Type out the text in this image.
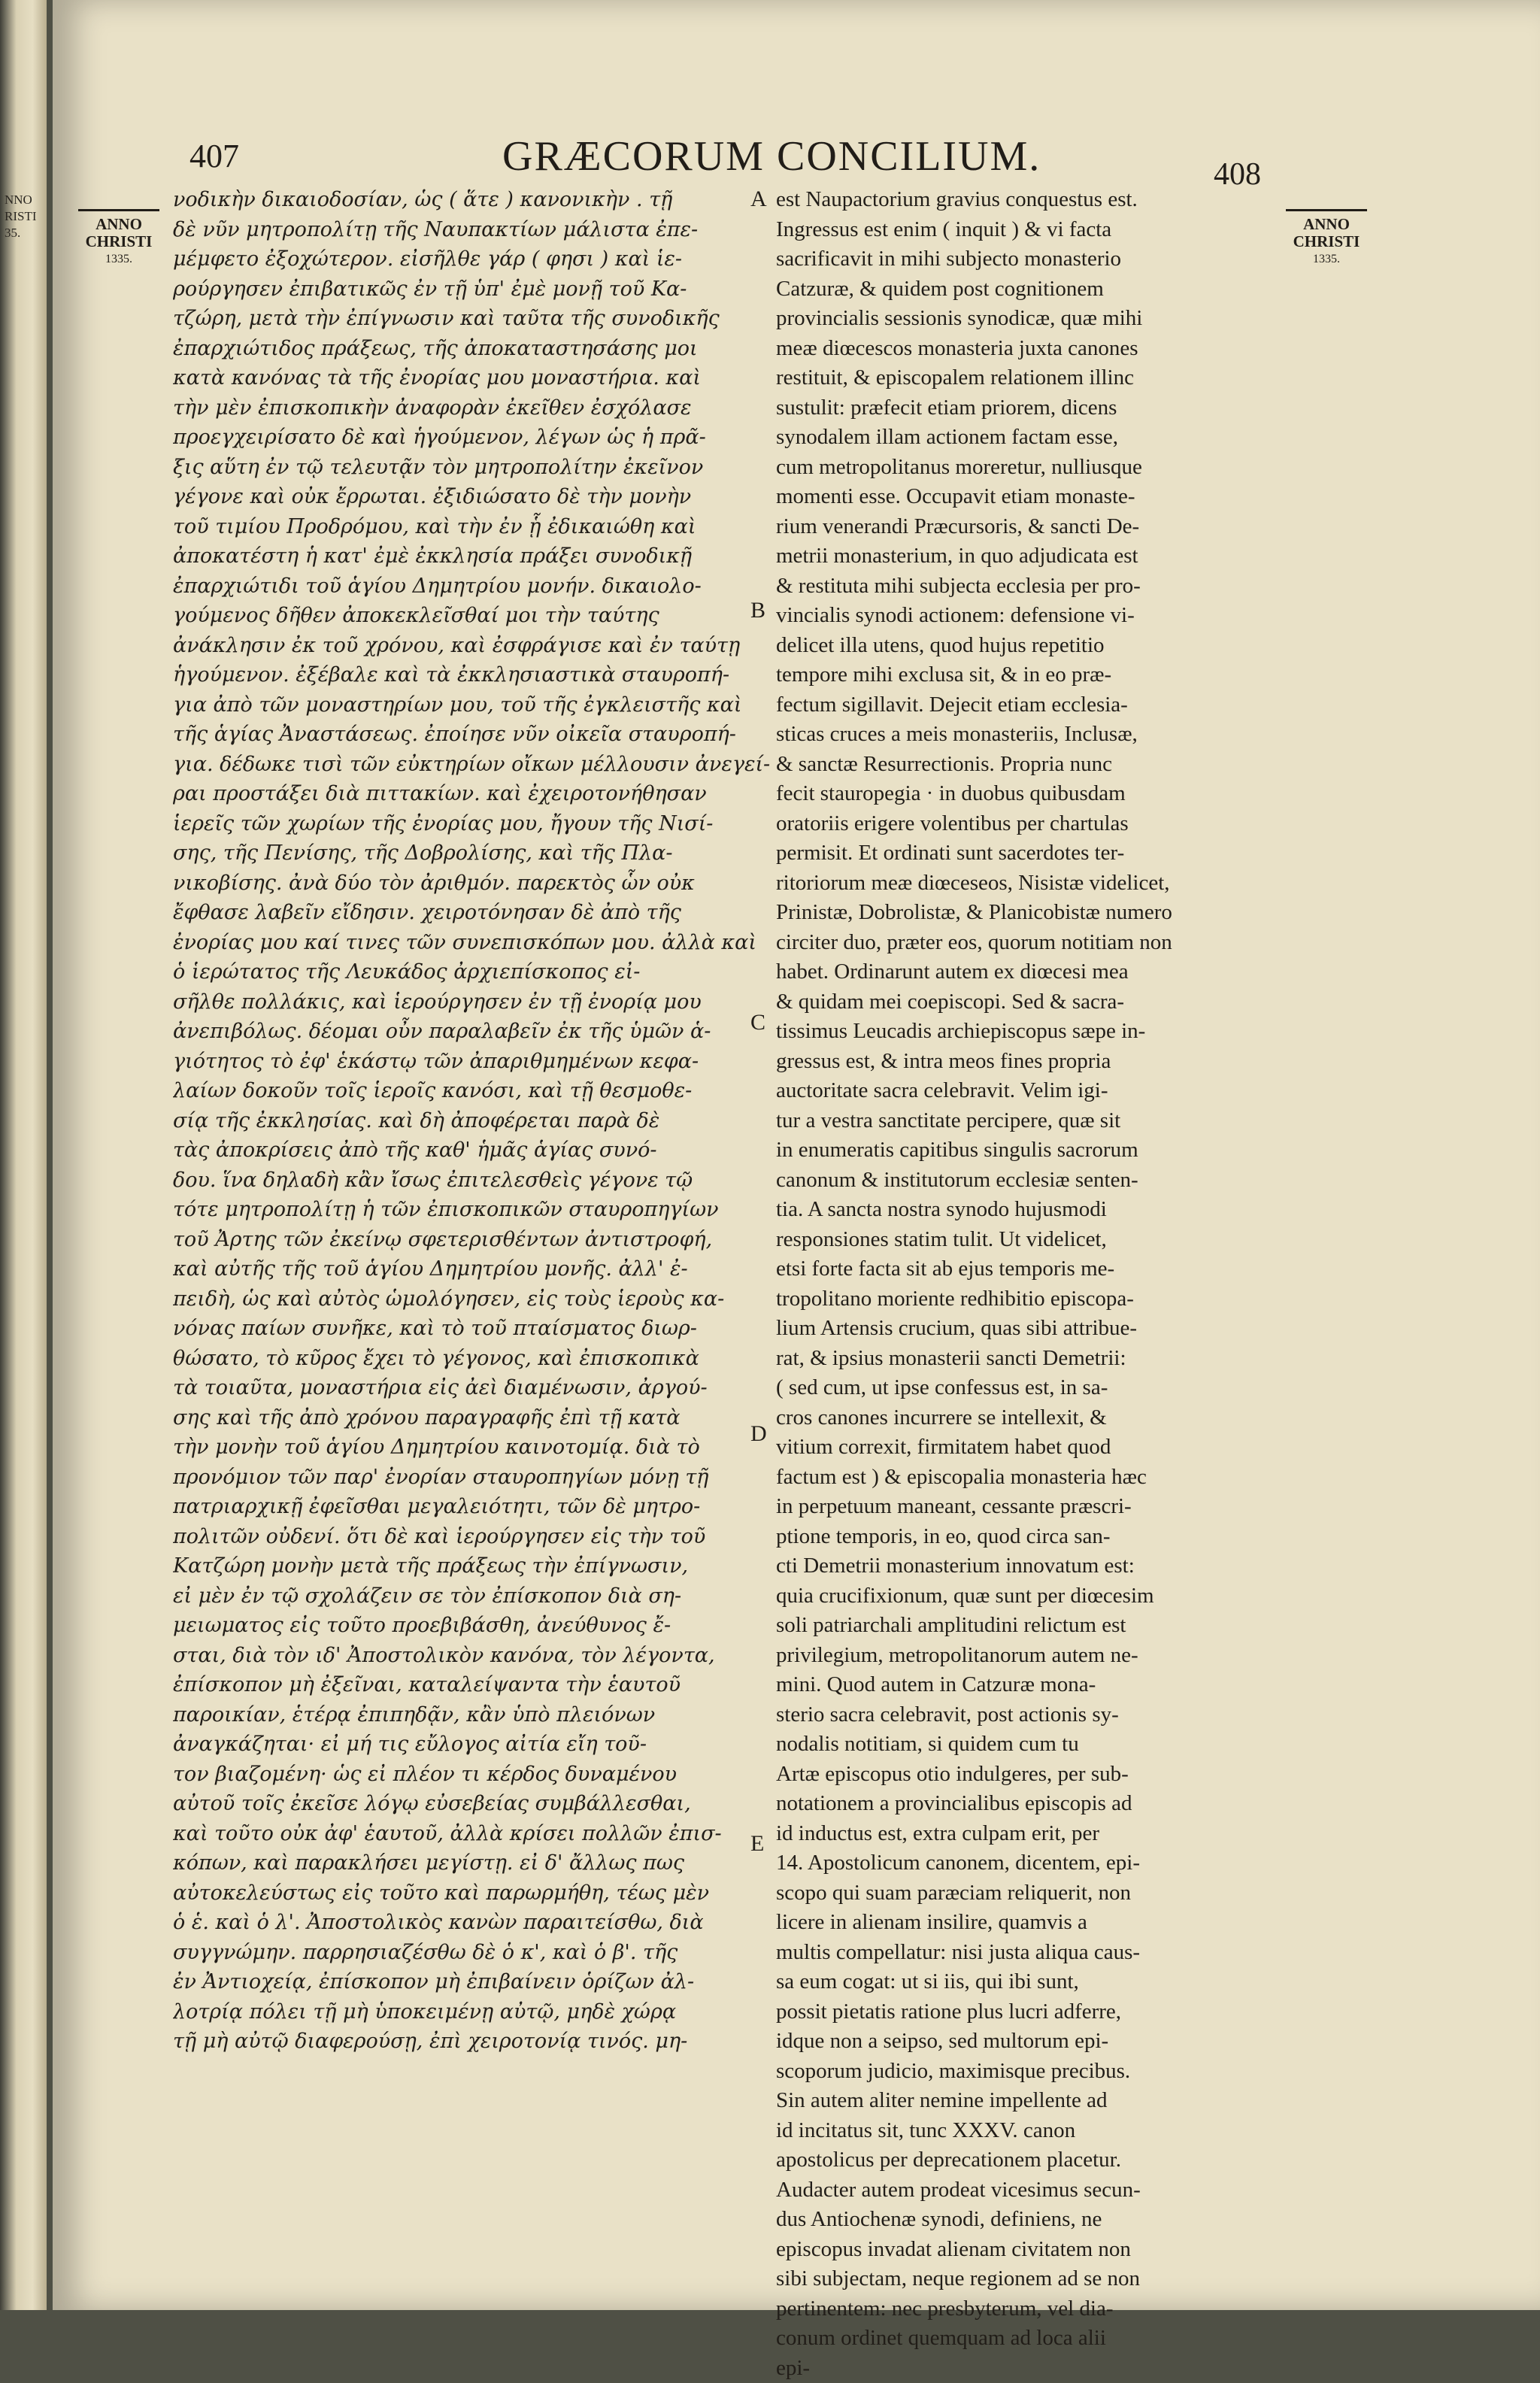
NNO
RISTI
35.
407	GRÆCORUM CONCILIUM.	408
ANNO
CHRISTI
1335.
ANNO
CHRISTI
1335.
νοδικὴν δικαιοδοσίαν, ὡς ( ἅτε ) κανονικὴν . τῇ
δὲ νῦν μητροπολίτῃ τῆς Ναυπακτίων μάλιστα ἐπε-
μέμφετο ἐξοχώτερον. εἰσῆλθε γάρ ( φησι ) καὶ ἱε-
ρούργησεν ἐπιβατικῶς ἐν τῇ ὑπ' ἐμὲ μονῇ τοῦ Κα-
τζώρη, μετὰ τὴν ἐπίγνωσιν καὶ ταῦτα τῆς συνοδικῆς
ἐπαρχιώτιδος πράξεως, τῆς ἀποκαταστησάσης μοι
κατὰ κανόνας τὰ τῆς ἐνορίας μου μοναστήρια. καὶ
τὴν μὲν ἐπισκοπικὴν ἀναφορὰν ἐκεῖθεν ἐσχόλασε
προεγχειρίσατο δὲ καὶ ἡγούμενον, λέγων ὡς ἡ πρᾶ-
ξις αὕτη ἐν τῷ τελευτᾷν τὸν μητροπολίτην ἐκεῖνον
γέγονε καὶ οὐκ ἔρρωται. ἐξιδιώσατο δὲ τὴν μονὴν
τοῦ τιμίου Προδρόμου, καὶ τὴν ἐν ᾗ ἐδικαιώθη καὶ
ἀποκατέστη ἡ κατ' ἐμὲ ἐκκλησία πράξει συνοδικῇ
ἐπαρχιώτιδι τοῦ ἁγίου Δημητρίου μονήν. δικαιολο-
γούμενος δῆθεν ἀποκεκλεῖσθαί μοι τὴν ταύτης
ἀνάκλησιν ἐκ τοῦ χρόνου, καὶ ἐσφράγισε καὶ ἐν ταύτῃ
ἡγούμενον. ἐξέβαλε καὶ τὰ ἐκκλησιαστικὰ σταυροπή-
για ἀπὸ τῶν μοναστηρίων μου, τοῦ τῆς ἐγκλειστῆς καὶ
τῆς ἁγίας Ἀναστάσεως. ἐποίησε νῦν οἰκεῖα σταυροπή-
για. δέδωκε τισὶ τῶν εὐκτηρίων οἴκων μέλλουσιν ἀνεγεί-
ραι προστάξει διὰ πιττακίων. καὶ ἐχειροτονήθησαν
ἱερεῖς τῶν χωρίων τῆς ἐνορίας μου, ἤγουν τῆς Νισί-
σης, τῆς Πενίσης, τῆς Δοβρολίσης, καὶ τῆς Πλα-
νικοβίσης. ἀνὰ δύο τὸν ἀριθμόν. παρεκτὸς ὧν οὐκ
ἔφθασε λαβεῖν εἴδησιν. χειροτόνησαν δὲ ἀπὸ τῆς
ἐνορίας μου καί τινες τῶν συνεπισκόπων μου. ἀλλὰ καὶ
ὁ ἱερώτατος τῆς Λευκάδος ἀρχιεπίσκοπος εἰ-
σῆλθε πολλάκις, καὶ ἱερούργησεν ἐν τῇ ἐνορίᾳ μου
ἀνεπιβόλως. δέομαι οὖν παραλαβεῖν ἐκ τῆς ὑμῶν ἁ-
γιότητος τὸ ἐφ' ἑκάστῳ τῶν ἀπαριθμημένων κεφα-
λαίων δοκοῦν τοῖς ἱεροῖς κανόσι, καὶ τῇ θεσμοθε-
σίᾳ τῆς ἐκκλησίας. καὶ δὴ ἀποφέρεται παρὰ δὲ
τὰς ἀποκρίσεις ἀπὸ τῆς καθ' ἡμᾶς ἁγίας συνό-
δου. ἵνα δηλαδὴ κἂν ἴσως ἐπιτελεσθεὶς γέγονε τῷ
τότε μητροπολίτῃ ἡ τῶν ἐπισκοπικῶν σταυροπηγίων
τοῦ Ἀρτης τῶν ἐκείνῳ σφετερισθέντων ἀντιστροφή,
καὶ αὐτῆς τῆς τοῦ ἁγίου Δημητρίου μονῆς. ἀλλ' ἐ-
πειδὴ, ὡς καὶ αὐτὸς ὡμολόγησεν, εἰς τοὺς ἱεροὺς κα-
νόνας παίων συνῆκε, καὶ τὸ τοῦ πταίσματος διωρ-
θώσατο, τὸ κῦρος ἔχει τὸ γέγονος, καὶ ἐπισκοπικὰ
τὰ τοιαῦτα, μοναστήρια εἰς ἀεὶ διαμένωσιν, ἀργού-
σης καὶ τῆς ἀπὸ χρόνου παραγραφῆς ἐπὶ τῇ κατὰ
τὴν μονὴν τοῦ ἁγίου Δημητρίου καινοτομίᾳ. διὰ τὸ
προνόμιον τῶν παρ' ἐνορίαν σταυροπηγίων μόνῃ τῇ
πατριαρχικῇ ἐφεῖσθαι μεγαλειότητι, τῶν δὲ μητρο-
πολιτῶν οὐδενί. ὅτι δὲ καὶ ἱερούργησεν εἰς τὴν τοῦ
Κατζώρη μονὴν μετὰ τῆς πράξεως τὴν ἐπίγνωσιν,
εἰ μὲν ἐν τῷ σχολάζειν σε τὸν ἐπίσκοπον διὰ ση-
μειωματος εἰς τοῦτο προεβιβάσθη, ἀνεύθυνος ἔ-
σται, διὰ τὸν ιδ' Ἀποστολικὸν κανόνα, τὸν λέγοντα,
ἐπίσκοπον μὴ ἐξεῖναι, καταλείψαντα τὴν ἑαυτοῦ
παροικίαν, ἑτέρᾳ ἐπιπηδᾷν, κἂν ὑπὸ πλειόνων
ἀναγκάζηται· εἰ μή τις εὔλογος αἰτία εἴη τοῦ-
τον βιαζομένη· ὡς εἰ πλέον τι κέρδος δυναμένου
αὐτοῦ τοῖς ἐκεῖσε λόγῳ εὐσεβείας συμβάλλεσθαι,
καὶ τοῦτο οὐκ ἀφ' ἑαυτοῦ, ἀλλὰ κρίσει πολλῶν ἐπισ-
κόπων, καὶ παρακλήσει μεγίστῃ. εἰ δ' ἄλλως πως
αὐτοκελεύστως εἰς τοῦτο καὶ παρωρμήθη, τέως μὲν
ὁ ἑ. καὶ ὁ λ'. Ἀποστολικὸς κανὼν παραιτείσθω, διὰ
συγγνώμην. παρρησιαζέσθω δὲ ὁ κ', καὶ ὁ β'. τῆς
ἐν Ἀντιοχείᾳ, ἐπίσκοπον μὴ ἐπιβαίνειν ὁρίζων ἀλ-
λοτρίᾳ πόλει τῇ μὴ ὑποκειμένῃ αὐτῷ, μηδὲ χώρᾳ
τῇ μὴ αὐτῷ διαφερούσῃ, ἐπὶ χειροτονίᾳ τινός. μη-
est Naupactorium gravius conquestus est.
Ingressus est enim ( inquit ) & vi facta
sacrificavit in mihi subjecto monasterio
Catzuræ, & quidem post cognitionem
provincialis sessionis synodicæ, quæ mihi
meæ diœcescos monasteria juxta canones
restituit, & episcopalem relationem illinc
sustulit: præfecit etiam priorem, dicens
synodalem illam actionem factam esse,
cum metropolitanus moreretur, nulliusque
momenti esse. Occupavit etiam monaste-
rium venerandi Præcursoris, & sancti De-
metrii monasterium, in quo adjudicata est
& restituta mihi subjecta ecclesia per pro-
vincialis synodi actionem: defensione vi-
delicet illa utens, quod hujus repetitio
tempore mihi exclusa sit, & in eo præ-
fectum sigillavit. Dejecit etiam ecclesia-
sticas cruces a meis monasteriis, Inclusæ,
& sanctæ Resurrectionis. Propria nunc
fecit stauropegia · in duobus quibusdam
oratoriis erigere volentibus per chartulas
permisit. Et ordinati sunt sacerdotes ter-
ritoriorum meæ diœceseos, Nisistæ videlicet,
Prinistæ, Dobrolistæ, & Planicobistæ numero
circiter duo, præter eos, quorum notitiam non
habet. Ordinarunt autem ex diœcesi mea
& quidam mei coepiscopi. Sed & sacra-
tissimus Leucadis archiepiscopus sæpe in-
gressus est, & intra meos fines propria
auctoritate sacra celebravit. Velim igi-
tur a vestra sanctitate percipere, quæ sit
in enumeratis capitibus singulis sacrorum
canonum & institutorum ecclesiæ senten-
tia. A sancta nostra synodo hujusmodi
responsiones statim tulit. Ut videlicet,
etsi forte facta sit ab ejus temporis me-
tropolitano moriente redhibitio episcopa-
lium Artensis crucium, quas sibi attribue-
rat, & ipsius monasterii sancti Demetrii:
( sed cum, ut ipse confessus est, in sa-
cros canones incurrere se intellexit, &
vitium correxit, firmitatem habet quod
factum est ) & episcopalia monasteria hæc
in perpetuum maneant, cessante præscri-
ptione temporis, in eo, quod circa san-
cti Demetrii monasterium innovatum est:
quia crucifixionum, quæ sunt per diœcesim
soli patriarchali amplitudini relictum est
privilegium, metropolitanorum autem ne-
mini. Quod autem in Catzuræ mona-
sterio sacra celebravit, post actionis sy-
nodalis notitiam, si quidem cum tu
Artæ episcopus otio indulgeres, per sub-
notationem a provincialibus episcopis ad
id inductus est, extra culpam erit, per
14. Apostolicum canonem, dicentem, epi-
scopo qui suam paræciam reliquerit, non
licere in alienam insilire, quamvis a
multis compellatur: nisi justa aliqua caus-
sa eum cogat: ut si iis, qui ibi sunt,
possit pietatis ratione plus lucri adferre,
idque non a seipso, sed multorum epi-
scoporum judicio, maximisque precibus.
Sin autem aliter nemine impellente ad
id incitatus sit, tunc XXXV. canon
apostolicus per deprecationem placetur.
Audacter autem prodeat vicesimus secun-
dus Antiochenæ synodi, definiens, ne
episcopus invadat alienam civitatem non
sibi subjectam, neque regionem ad se non
pertinentem: nec presbyterum, vel dia-
conum ordinet quemquam ad loca alii
epi-
A
B
C
D
E
